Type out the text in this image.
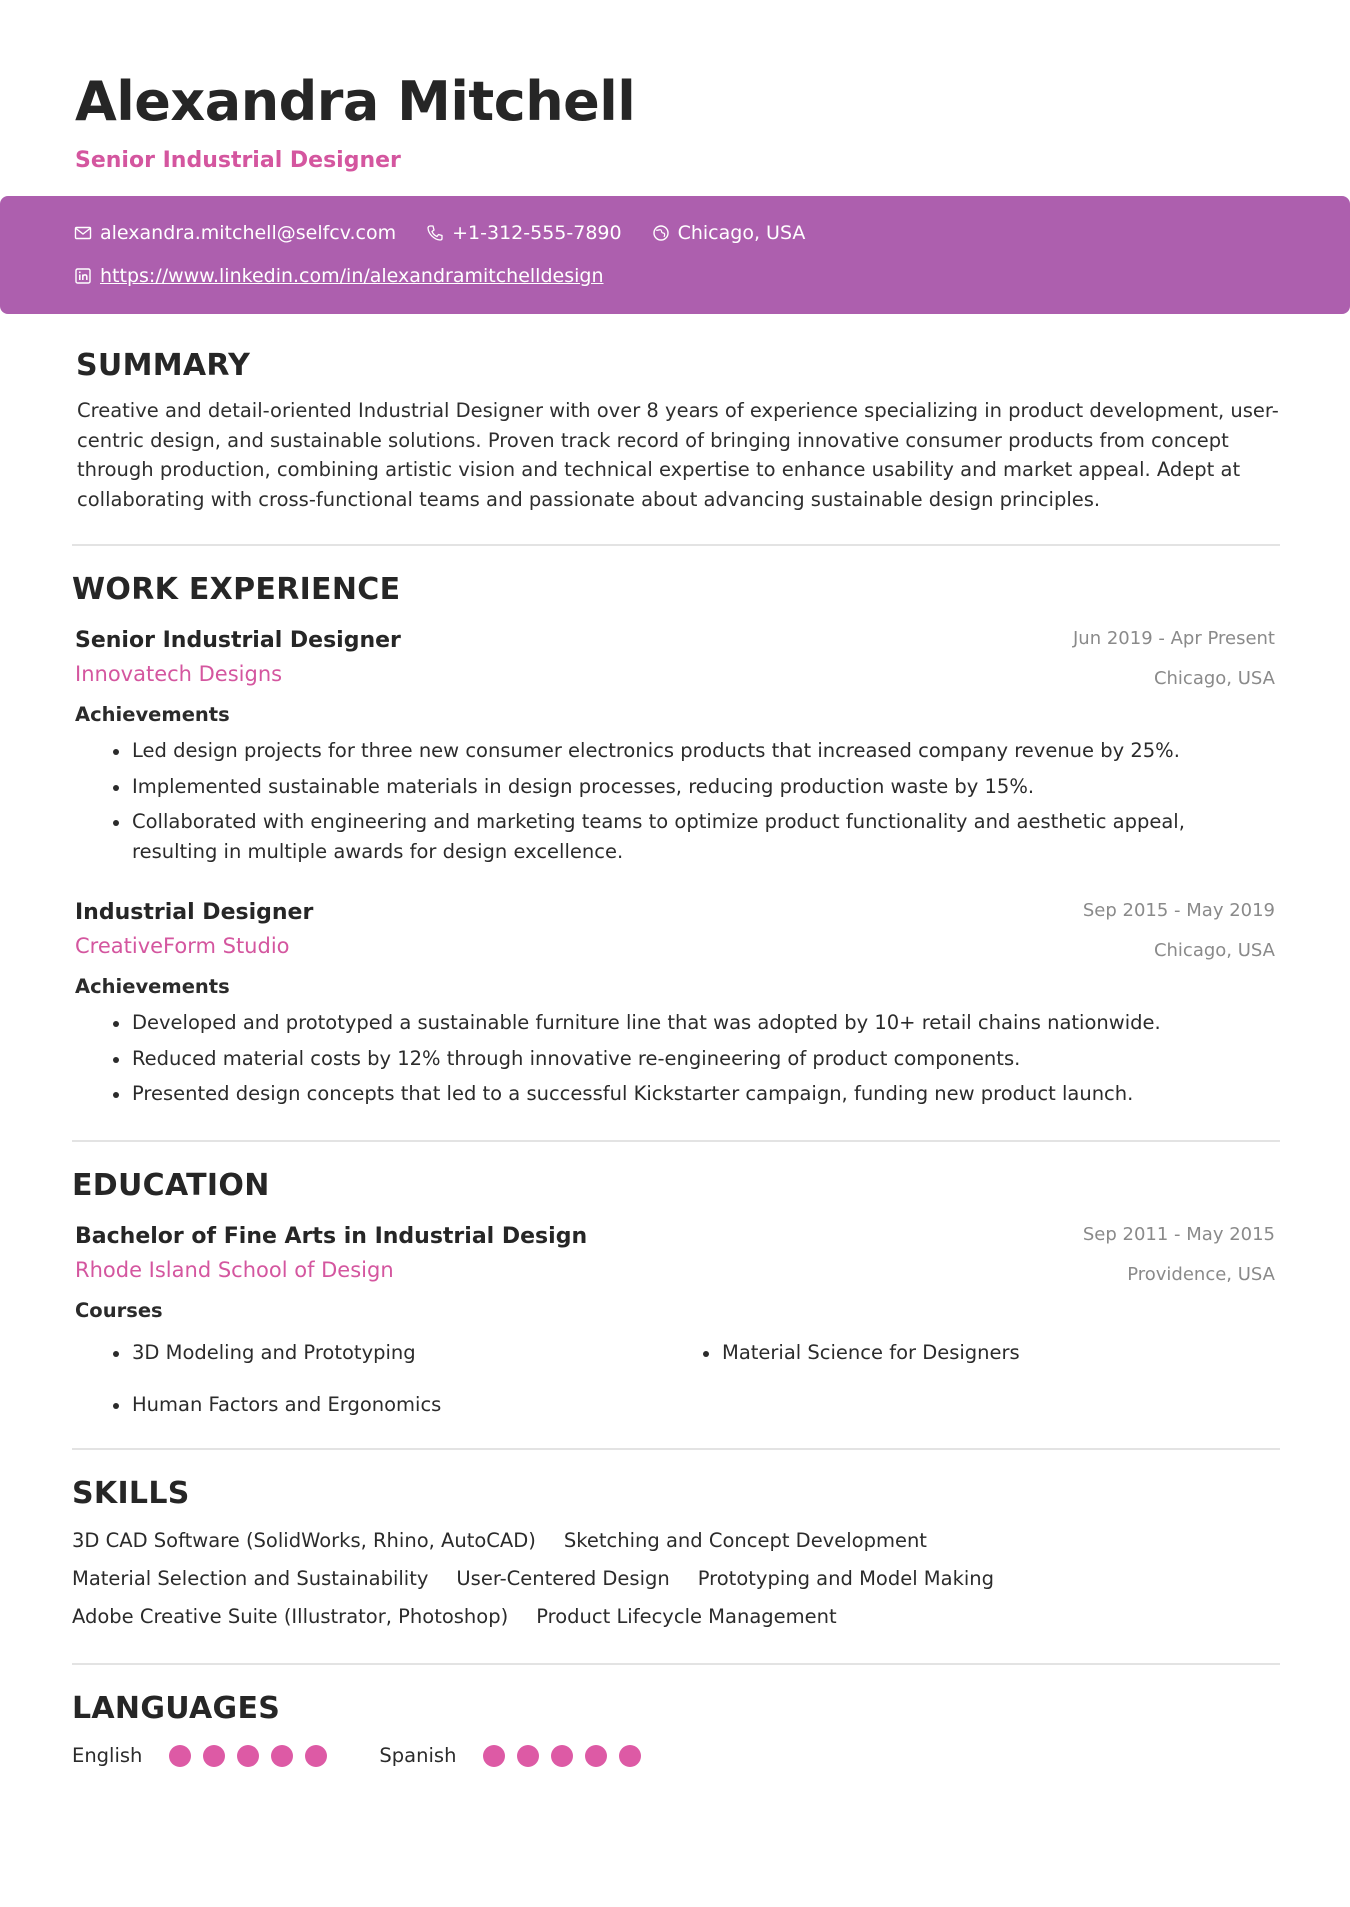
Alexandra Mitchell
Senior Industrial Designer
alexandra.mitchell@selfcv.com	+1-312-555-7890	Chicago, USA
https://www.linkedin.com/in/alexandramitchelldesign
SUMMARY
Creative and detail-oriented Industrial Designer with over 8 years of experience specializing in product development, user-centric design, and sustainable solutions. Proven track record of bringing innovative consumer products from concept through production, combining artistic vision and technical expertise to enhance usability and market appeal. Adept at collaborating with cross-functional teams and passionate about advancing sustainable design principles.
WORK EXPERIENCE
Senior Industrial Designer
Innovatech Designs
Jun 2019 - Apr Present
Chicago, USA
Achievements
Led design projects for three new consumer electronics products that increased company revenue by 25%.
Implemented sustainable materials in design processes, reducing production waste by 15%.
Collaborated with engineering and marketing teams to optimize product functionality and aesthetic appeal, resulting in multiple awards for design excellence.
Industrial Designer
CreativeForm Studio
Sep 2015 - May 2019
Chicago, USA
Achievements
Developed and prototyped a sustainable furniture line that was adopted by 10+ retail chains nationwide.
Reduced material costs by 12% through innovative re-engineering of product components.
Presented design concepts that led to a successful Kickstarter campaign, funding new product launch.
EDUCATION
Bachelor of Fine Arts in Industrial Design
Rhode Island School of Design
Sep 2011 - May 2015
Providence, USA
Courses
3D Modeling and Prototyping	Material Science for Designers
Human Factors and Ergonomics
SKILLS
3D CAD Software (SolidWorks, Rhino, AutoCAD) Sketching and Concept Development
Material Selection and Sustainability User-Centered Design Prototyping and Model Making
Adobe Creative Suite (Illustrator, Photoshop) Product Lifecycle Management
LANGUAGES
English	Spanish
